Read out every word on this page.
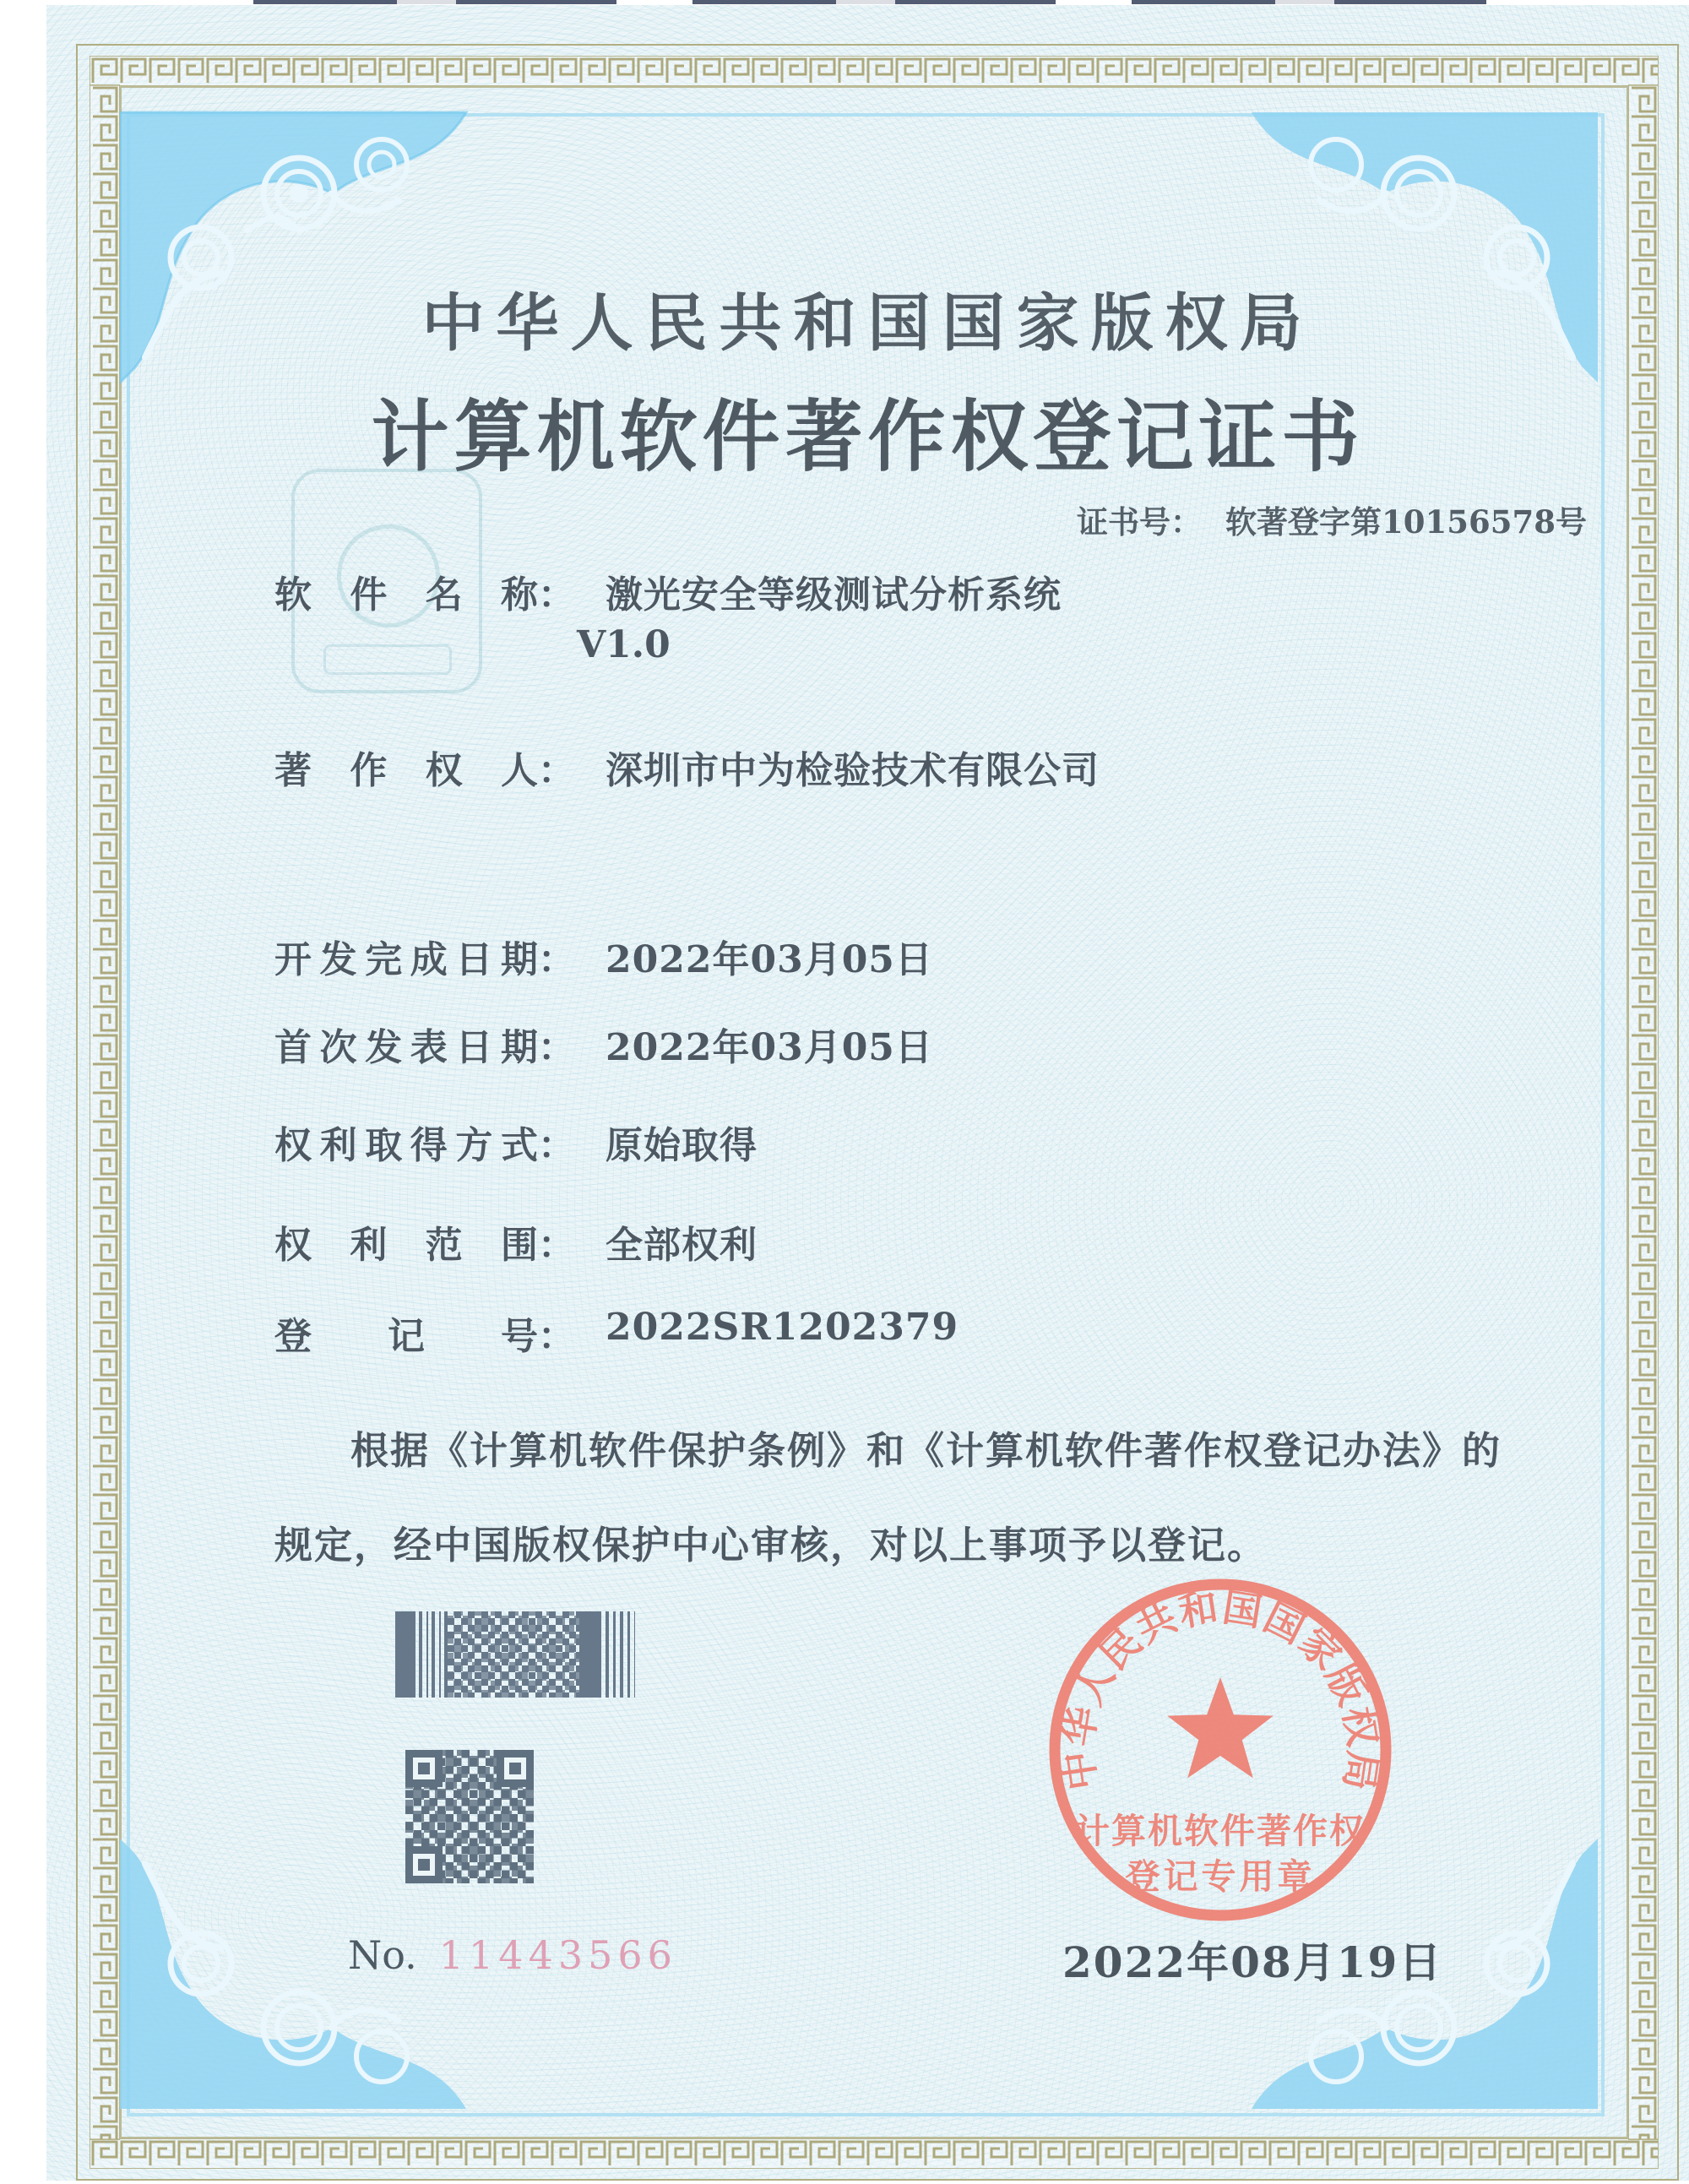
中华人民共和国国家版权局
计算机软件著作权登记证书
证书号： 软著登字第10156578号
软件名称： 激光安全等级测试分析系统
V1.0
著作权人： 深圳市中为检验技术有限公司
开发完成日期： 2022年03月05日
首次发表日期： 2022年03月05日
权利取得方式： 原始取得
权利范围： 全部权利
登记号： 2022SR1202379
根据《计算机软件保护条例》和《计算机软件著作权登记办法》的
规定，经中国版权保护中心审核，对以上事项予以登记。
中华人民共和国国家版权局
计算机软件著作权
登记专用章
No. 11443566	2022年08月19日
